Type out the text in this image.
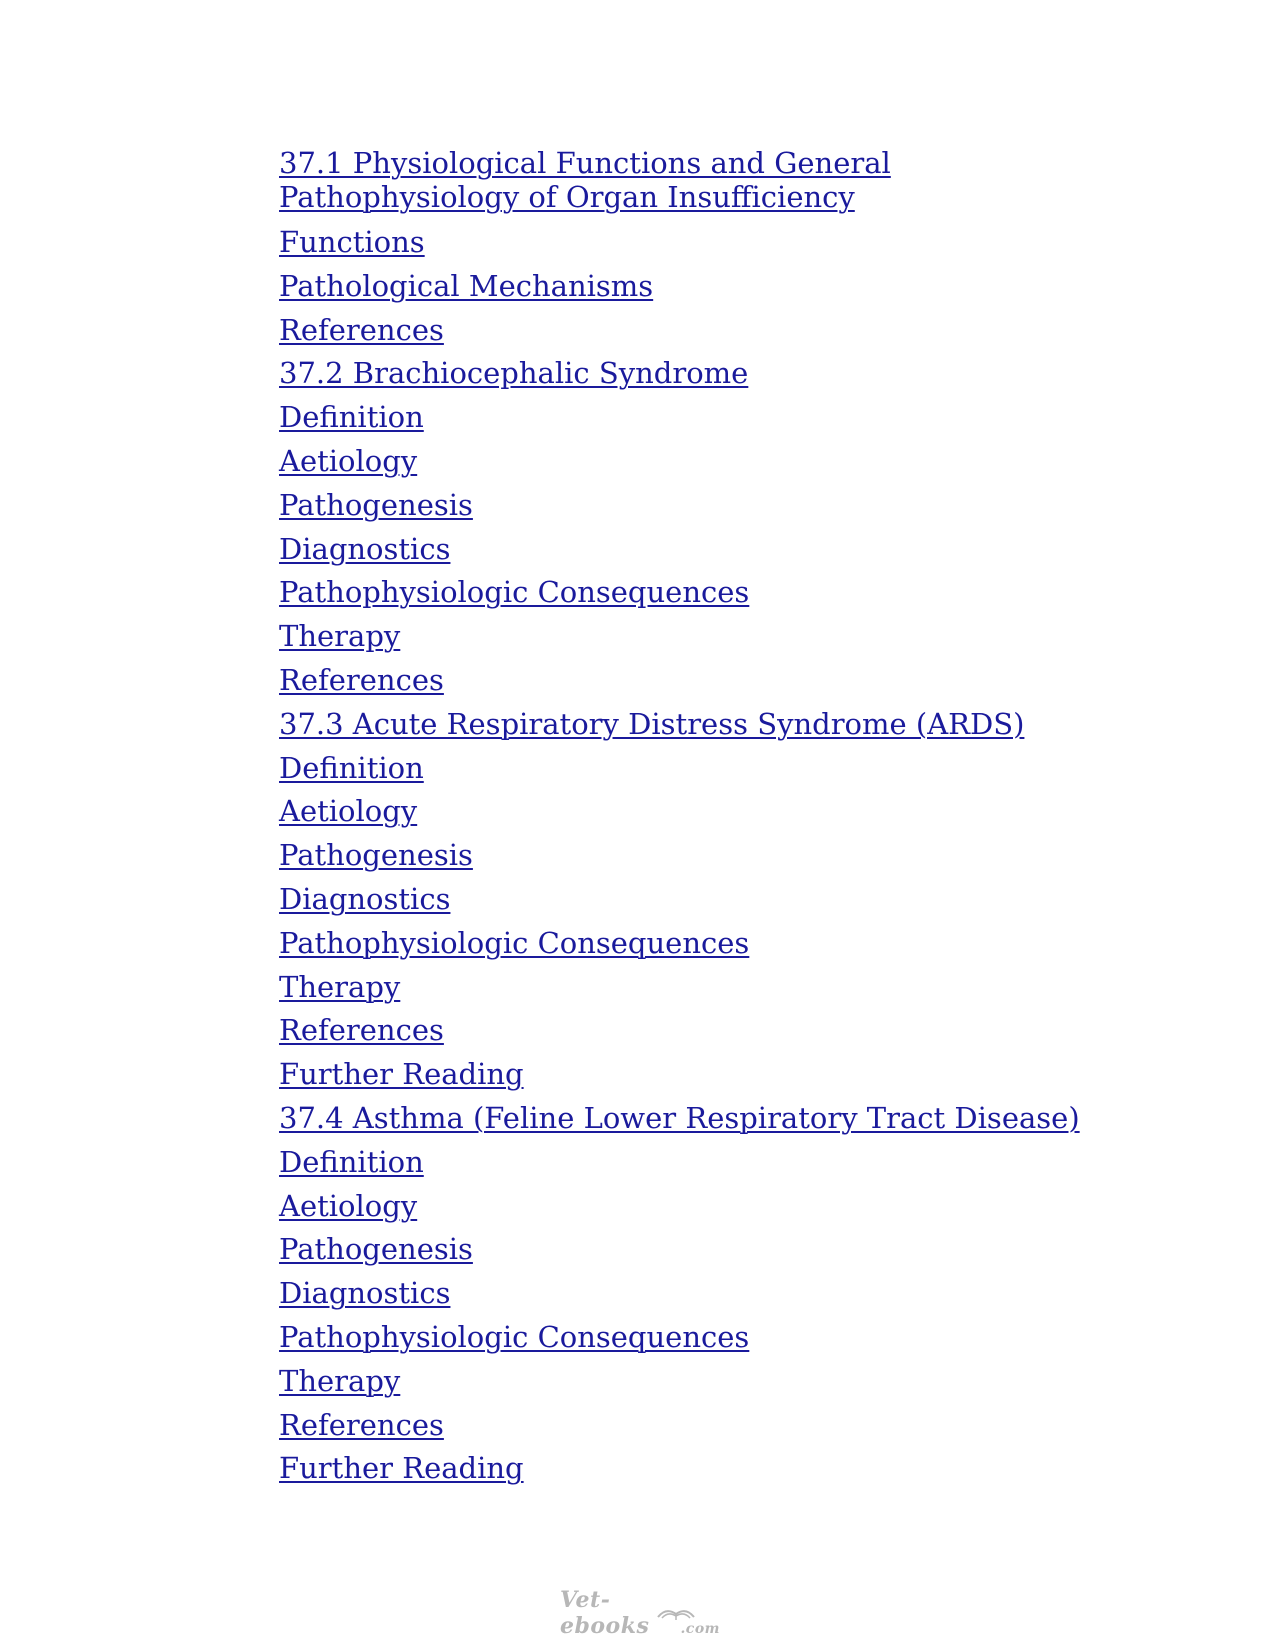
37.1 Physiological Functions and General Pathophysiology of Organ Insufficiency
Functions
Pathological Mechanisms
References
37.2 Brachiocephalic Syndrome
Definition
Aetiology
Pathogenesis
Diagnostics
Pathophysiologic Consequences
Therapy
References
37.3 Acute Respiratory Distress Syndrome (ARDS)
Definition
Aetiology
Pathogenesis
Diagnostics
Pathophysiologic Consequences
Therapy
References
Further Reading
37.4 Asthma (Feline Lower Respiratory Tract Disease)
Definition
Aetiology
Pathogenesis
Diagnostics
Pathophysiologic Consequences
Therapy
References
Further Reading
Vet-ebooks	.com
